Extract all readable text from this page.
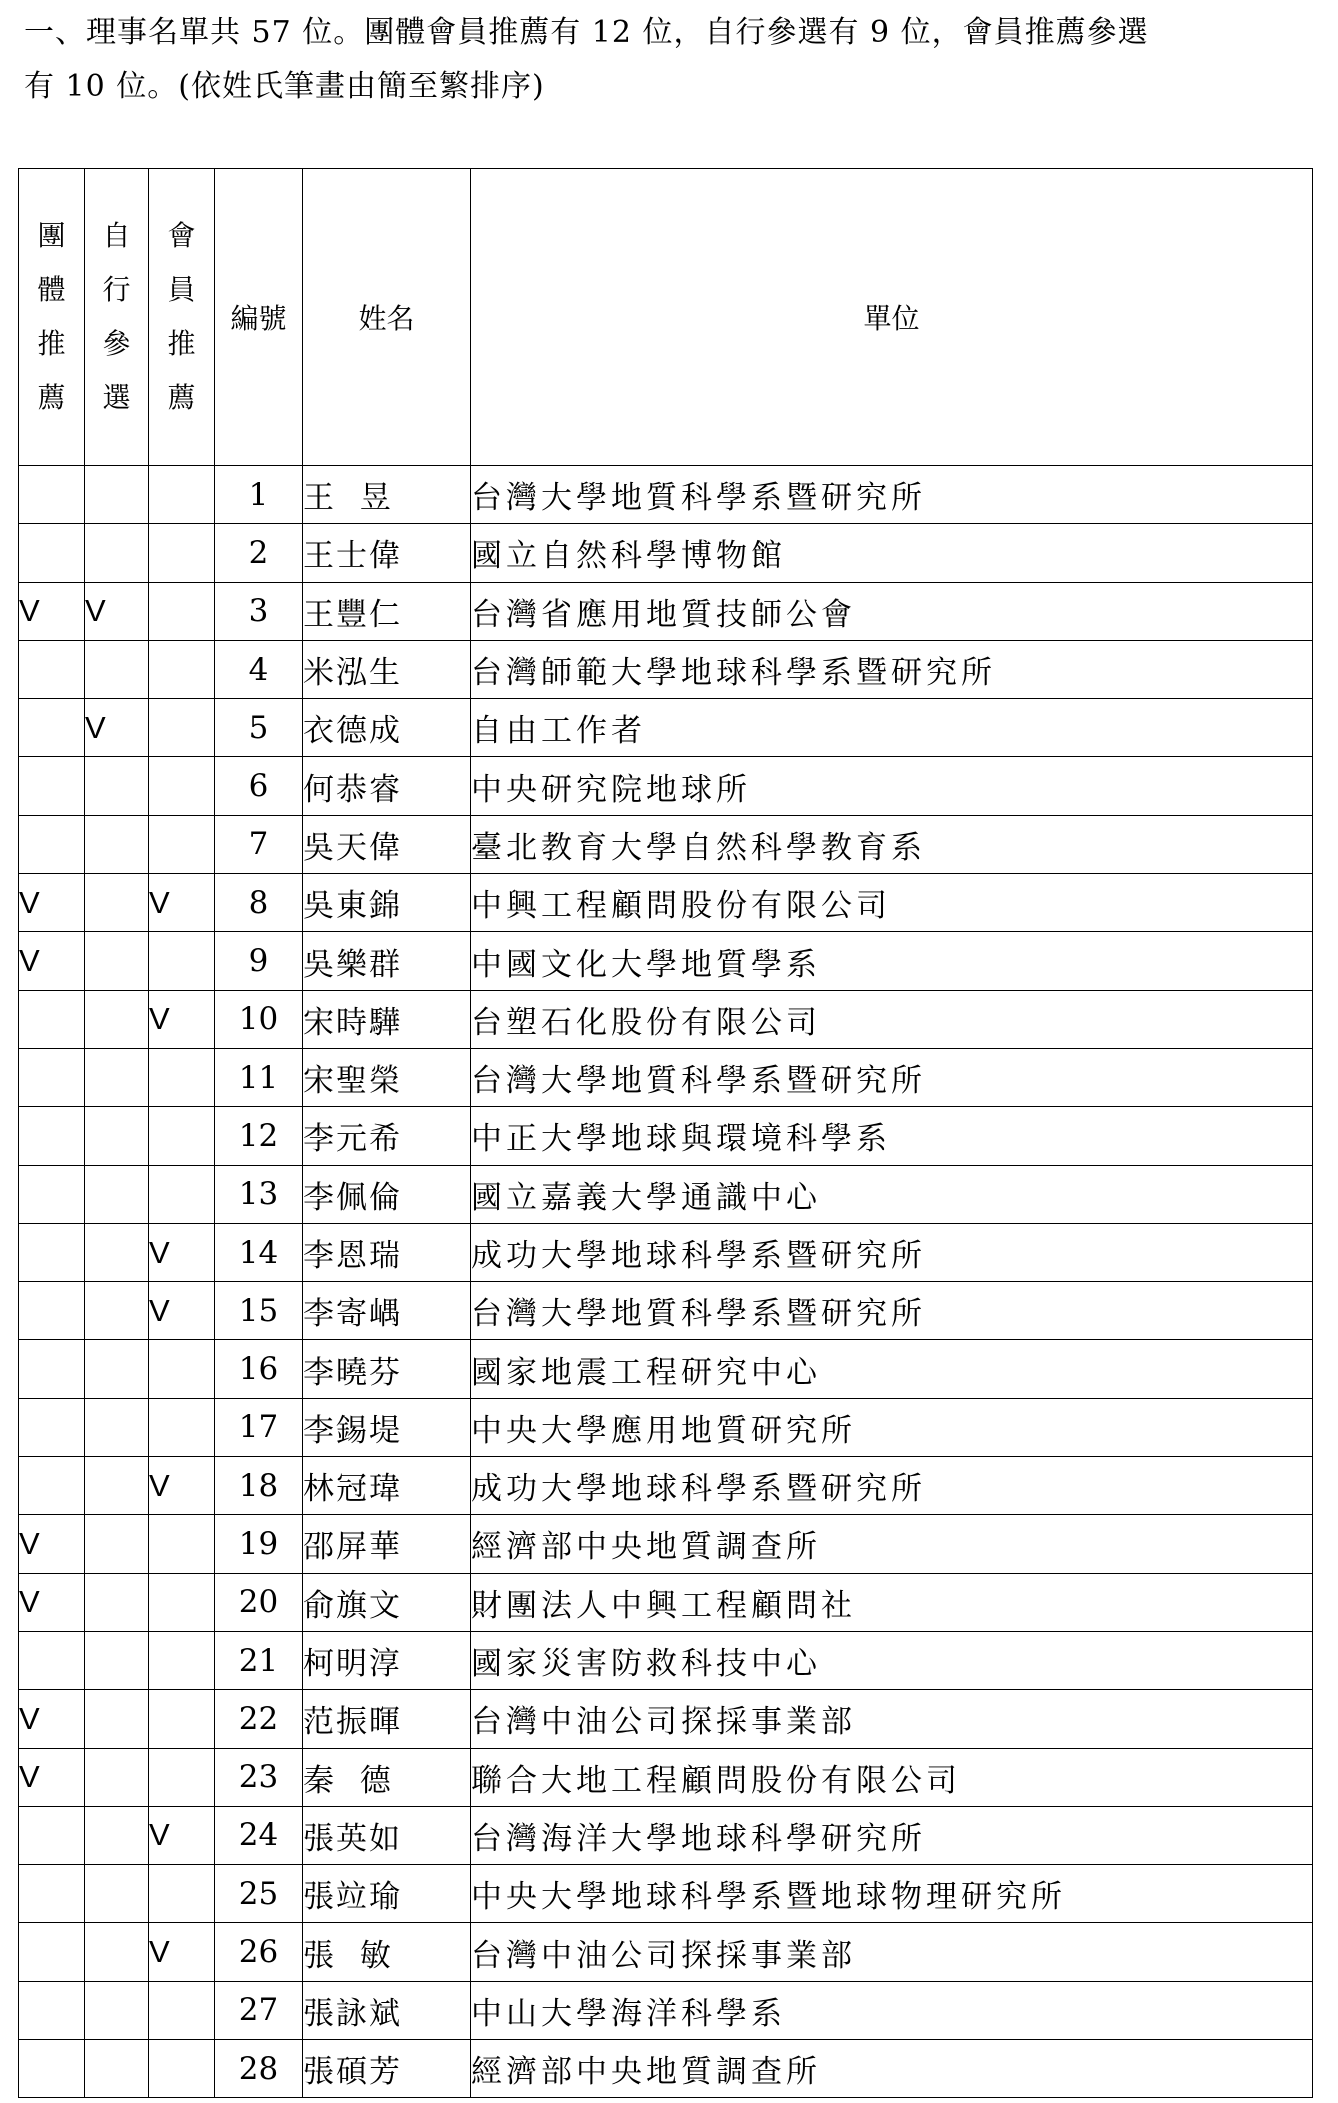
一、理事名單共 57 位。團體會員推薦有 12 位，自行參選有 9 位，會員推薦參選
有 10 位。(依姓氏筆畫由簡至繁排序)
團
體
推
薦	自
行
參
選	會
員
推
薦	編號	姓名	單位
			1	王  昱	台灣大學地質科學系暨研究所
			2	王士偉	國立自然科學博物館
V	V		3	王豐仁	台灣省應用地質技師公會
			4	米泓生	台灣師範大學地球科學系暨研究所
	V		5	衣德成	自由工作者
			6	何恭睿	中央研究院地球所
			7	吳天偉	臺北教育大學自然科學教育系
V		V	8	吳東錦	中興工程顧問股份有限公司
V			9	吳樂群	中國文化大學地質學系
		V	10	宋時驊	台塑石化股份有限公司
			11	宋聖榮	台灣大學地質科學系暨研究所
			12	李元希	中正大學地球與環境科學系
			13	李佩倫	國立嘉義大學通識中心
		V	14	李恩瑞	成功大學地球科學系暨研究所
		V	15	李寄嵎	台灣大學地質科學系暨研究所
			16	李曉芬	國家地震工程研究中心
			17	李錫堤	中央大學應用地質研究所
		V	18	林冠瑋	成功大學地球科學系暨研究所
V			19	邵屏華	經濟部中央地質調查所
V			20	俞旗文	財團法人中興工程顧問社
			21	柯明淳	國家災害防救科技中心
V			22	范振暉	台灣中油公司探採事業部
V			23	秦  德	聯合大地工程顧問股份有限公司
		V	24	張英如	台灣海洋大學地球科學研究所
			25	張竝瑜	中央大學地球科學系暨地球物理研究所
		V	26	張  敏	台灣中油公司探採事業部
			27	張詠斌	中山大學海洋科學系
			28	張碩芳	經濟部中央地質調查所
